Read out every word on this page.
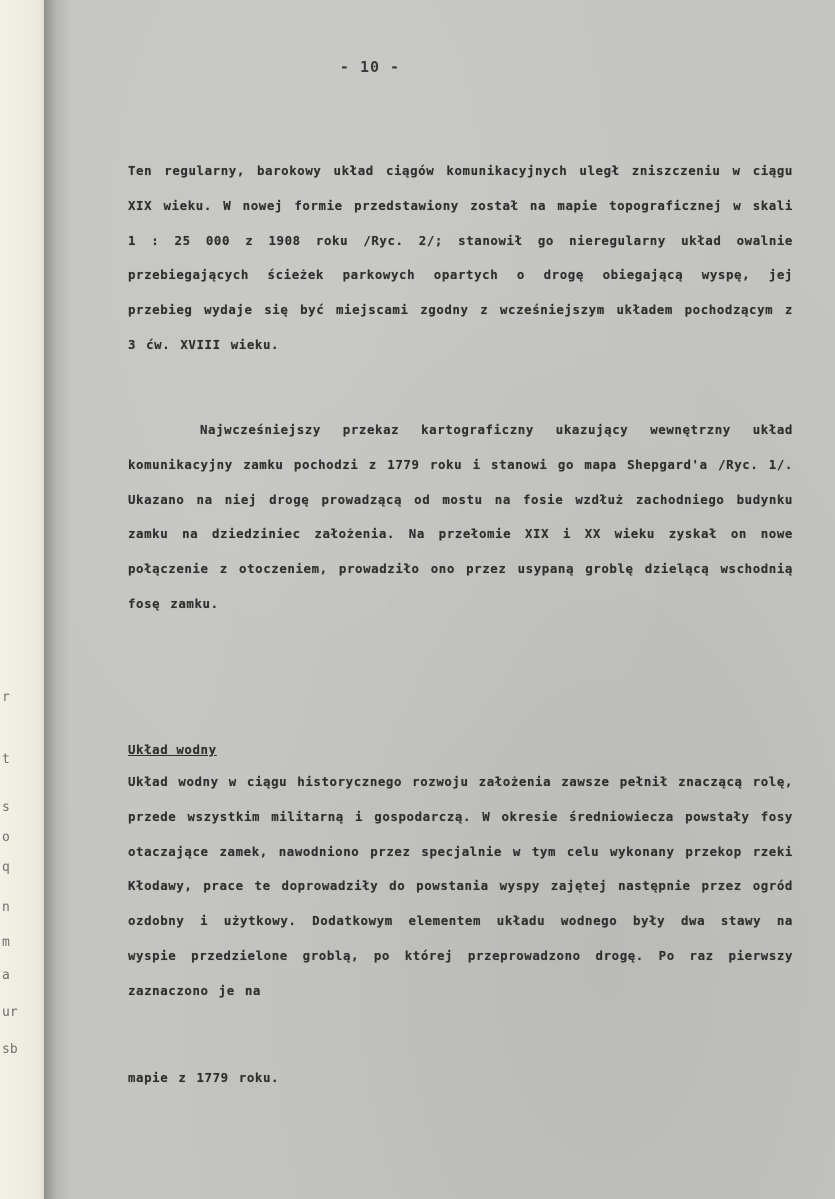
r
t
s
o
q
n
m
a
ur
sb
- 10 -
Ten regularny, barokowy układ ciągów komunikacyjnych uległ zniszczeniu w ciągu XIX wieku. W nowej formie przedstawiony został na mapie topograficznej w skali 1 : 25 000 z 1908 roku /Ryc. 2/; stanowił go nieregularny układ owalnie przebiegających ścieżek parkowych opartych o drogę obiegającą wyspę, jej przebieg wydaje się być miejscami zgodny z wcześniejszym układem pochodzącym z 3 ćw. XVIII wieku.
Najwcześniejszy przekaz kartograficzny ukazujący wewnętrzny układ komunikacyjny zamku pochodzi z 1779 roku i stanowi go mapa Shepgard'a /Ryc. 1/. Ukazano na niej drogę prowadzącą od mostu na fosie wzdłuż zachodniego budynku zamku na dziedziniec założenia. Na przełomie XIX i XX wieku zyskał on nowe połączenie z otoczeniem, prowadziło ono przez usypaną groblę dzielącą wschodnią fosę zamku.
Układ wodny
Układ wodny w ciągu historycznego rozwoju założenia zawsze pełnił znaczącą rolę, przede wszystkim militarną i gospodarczą. W okresie średniowiecza powstały fosy otaczające zamek, nawodniono przez specjalnie w tym celu wykonany przekop rzeki Kłodawy, prace te doprowadziły do powstania wyspy zajętej następnie przez ogród ozdobny i użytkowy. Dodatkowym elementem układu wodnego były dwa stawy na wyspie przedzielone groblą, po której przeprowadzono drogę. Po raz pierwszy zaznaczono je na
mapie z 1779 roku.
